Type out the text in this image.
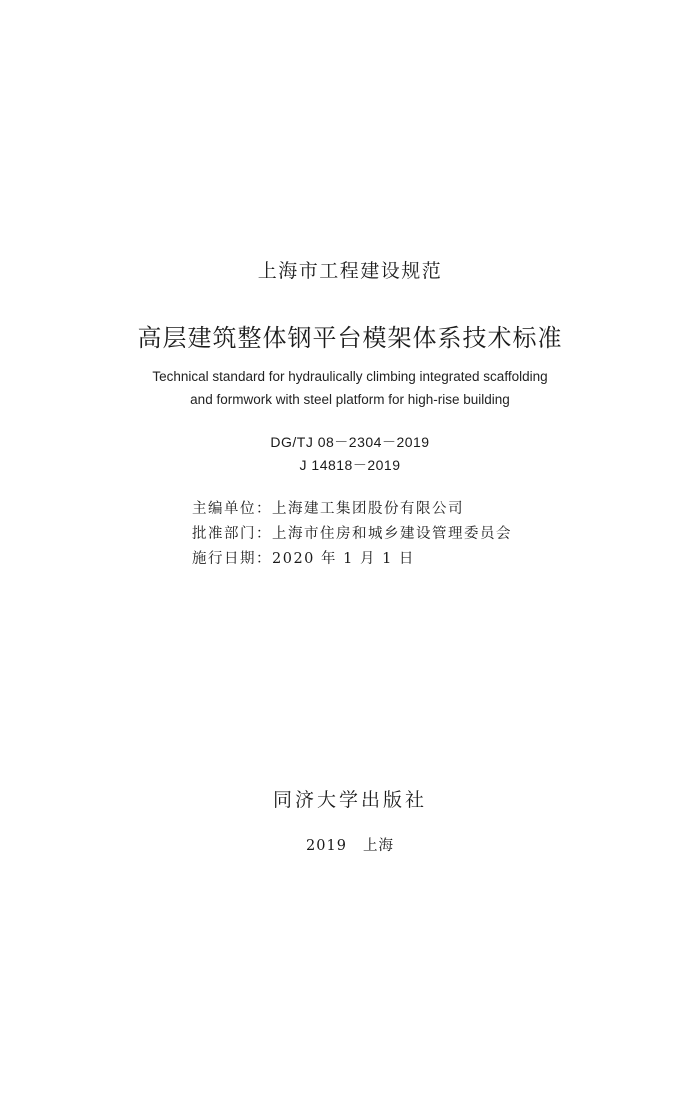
上海市工程建设规范
高层建筑整体钢平台模架体系技术标准
Technical standard for hydraulically climbing integrated scaffolding
and formwork with steel platform for high-rise building
DG/TJ 08－2304－2019
J 14818－2019
主编单位：上海建工集团股份有限公司
批准部门：上海市住房和城乡建设管理委员会
施行日期：2020 年 1 月 1 日
同济大学出版社
2019 上海
